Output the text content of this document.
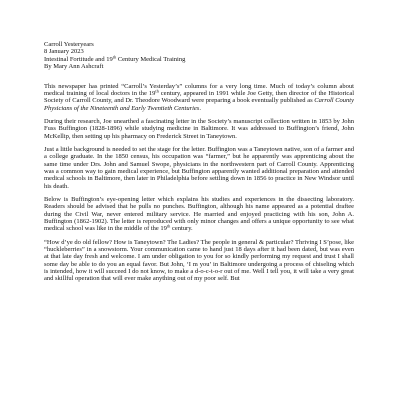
Carroll Yesteryears
8 January 2023
Intestinal Fortitude and 19th Century Medical Training
By Mary Ann Ashcraft

This newspaper has printed “Carroll’s Yesterday’s” columns for a very long time. Much of today’s column about medical training of local doctors in the 19th century, appeared in 1991 while Joe Getty, then director of the Historical Society of Carroll County, and Dr. Theodore Woodward were preparing a book eventually published as Carroll County Physicians of the Nineteenth and Early Twentieth Centuries.

During their research, Joe unearthed a fascinating letter in the Society’s manuscript collection written in 1853 by John Fuss Buffington (1828-1896) while studying medicine in Baltimore. It was addressed to Buffington’s friend, John McKellip, then setting up his pharmacy on Frederick Street in Taneytown.

Just a little background is needed to set the stage for the letter. Buffington was a Taneytown native, son of a farmer and a college graduate. In the 1850 census, his occupation was “farmer,” but he apparently was apprenticing about the same time under Drs. John and Samuel Swope, physicians in the northwestern part of Carroll County. Apprenticing was a common way to gain medical experience, but Buffington apparently wanted additional preparation and attended medical schools in Baltimore, then later in Philadelphia before settling down in 1856 to practice in New Windsor until his death.

Below is Buffington’s eye-opening letter which explains his studies and experiences in the dissecting laboratory. Readers should be advised that he pulls no punches. Buffington, although his name appeared as a potential draftee during the Civil War, never entered military service. He married and enjoyed practicing with his son, John A. Buffington (1862-1902). The letter is reproduced with only minor changes and offers a unique opportunity to see what medical school was like in the middle of the 19th century.

“How d’ye do old fellow? How is Taneytown? The Ladies? The people in general & particular? Thriving I S’pose, like “huckleberries” in a snowstorm. Your communication came to hand just 18 days after it had been dated, but was even at that late day fresh and welcome. I am under obligation to you for so kindly performing my request and trust I shall some day be able to do you an equal favor. But John, ‘I m you’ in Baltimore undergoing a process of chiseling which is intended, how it will succeed I do not know, to make a d-o-c-t-o-r out of me. Well I tell you, it will take a very great and skillful operation that will ever make anything out of my poor self. But
